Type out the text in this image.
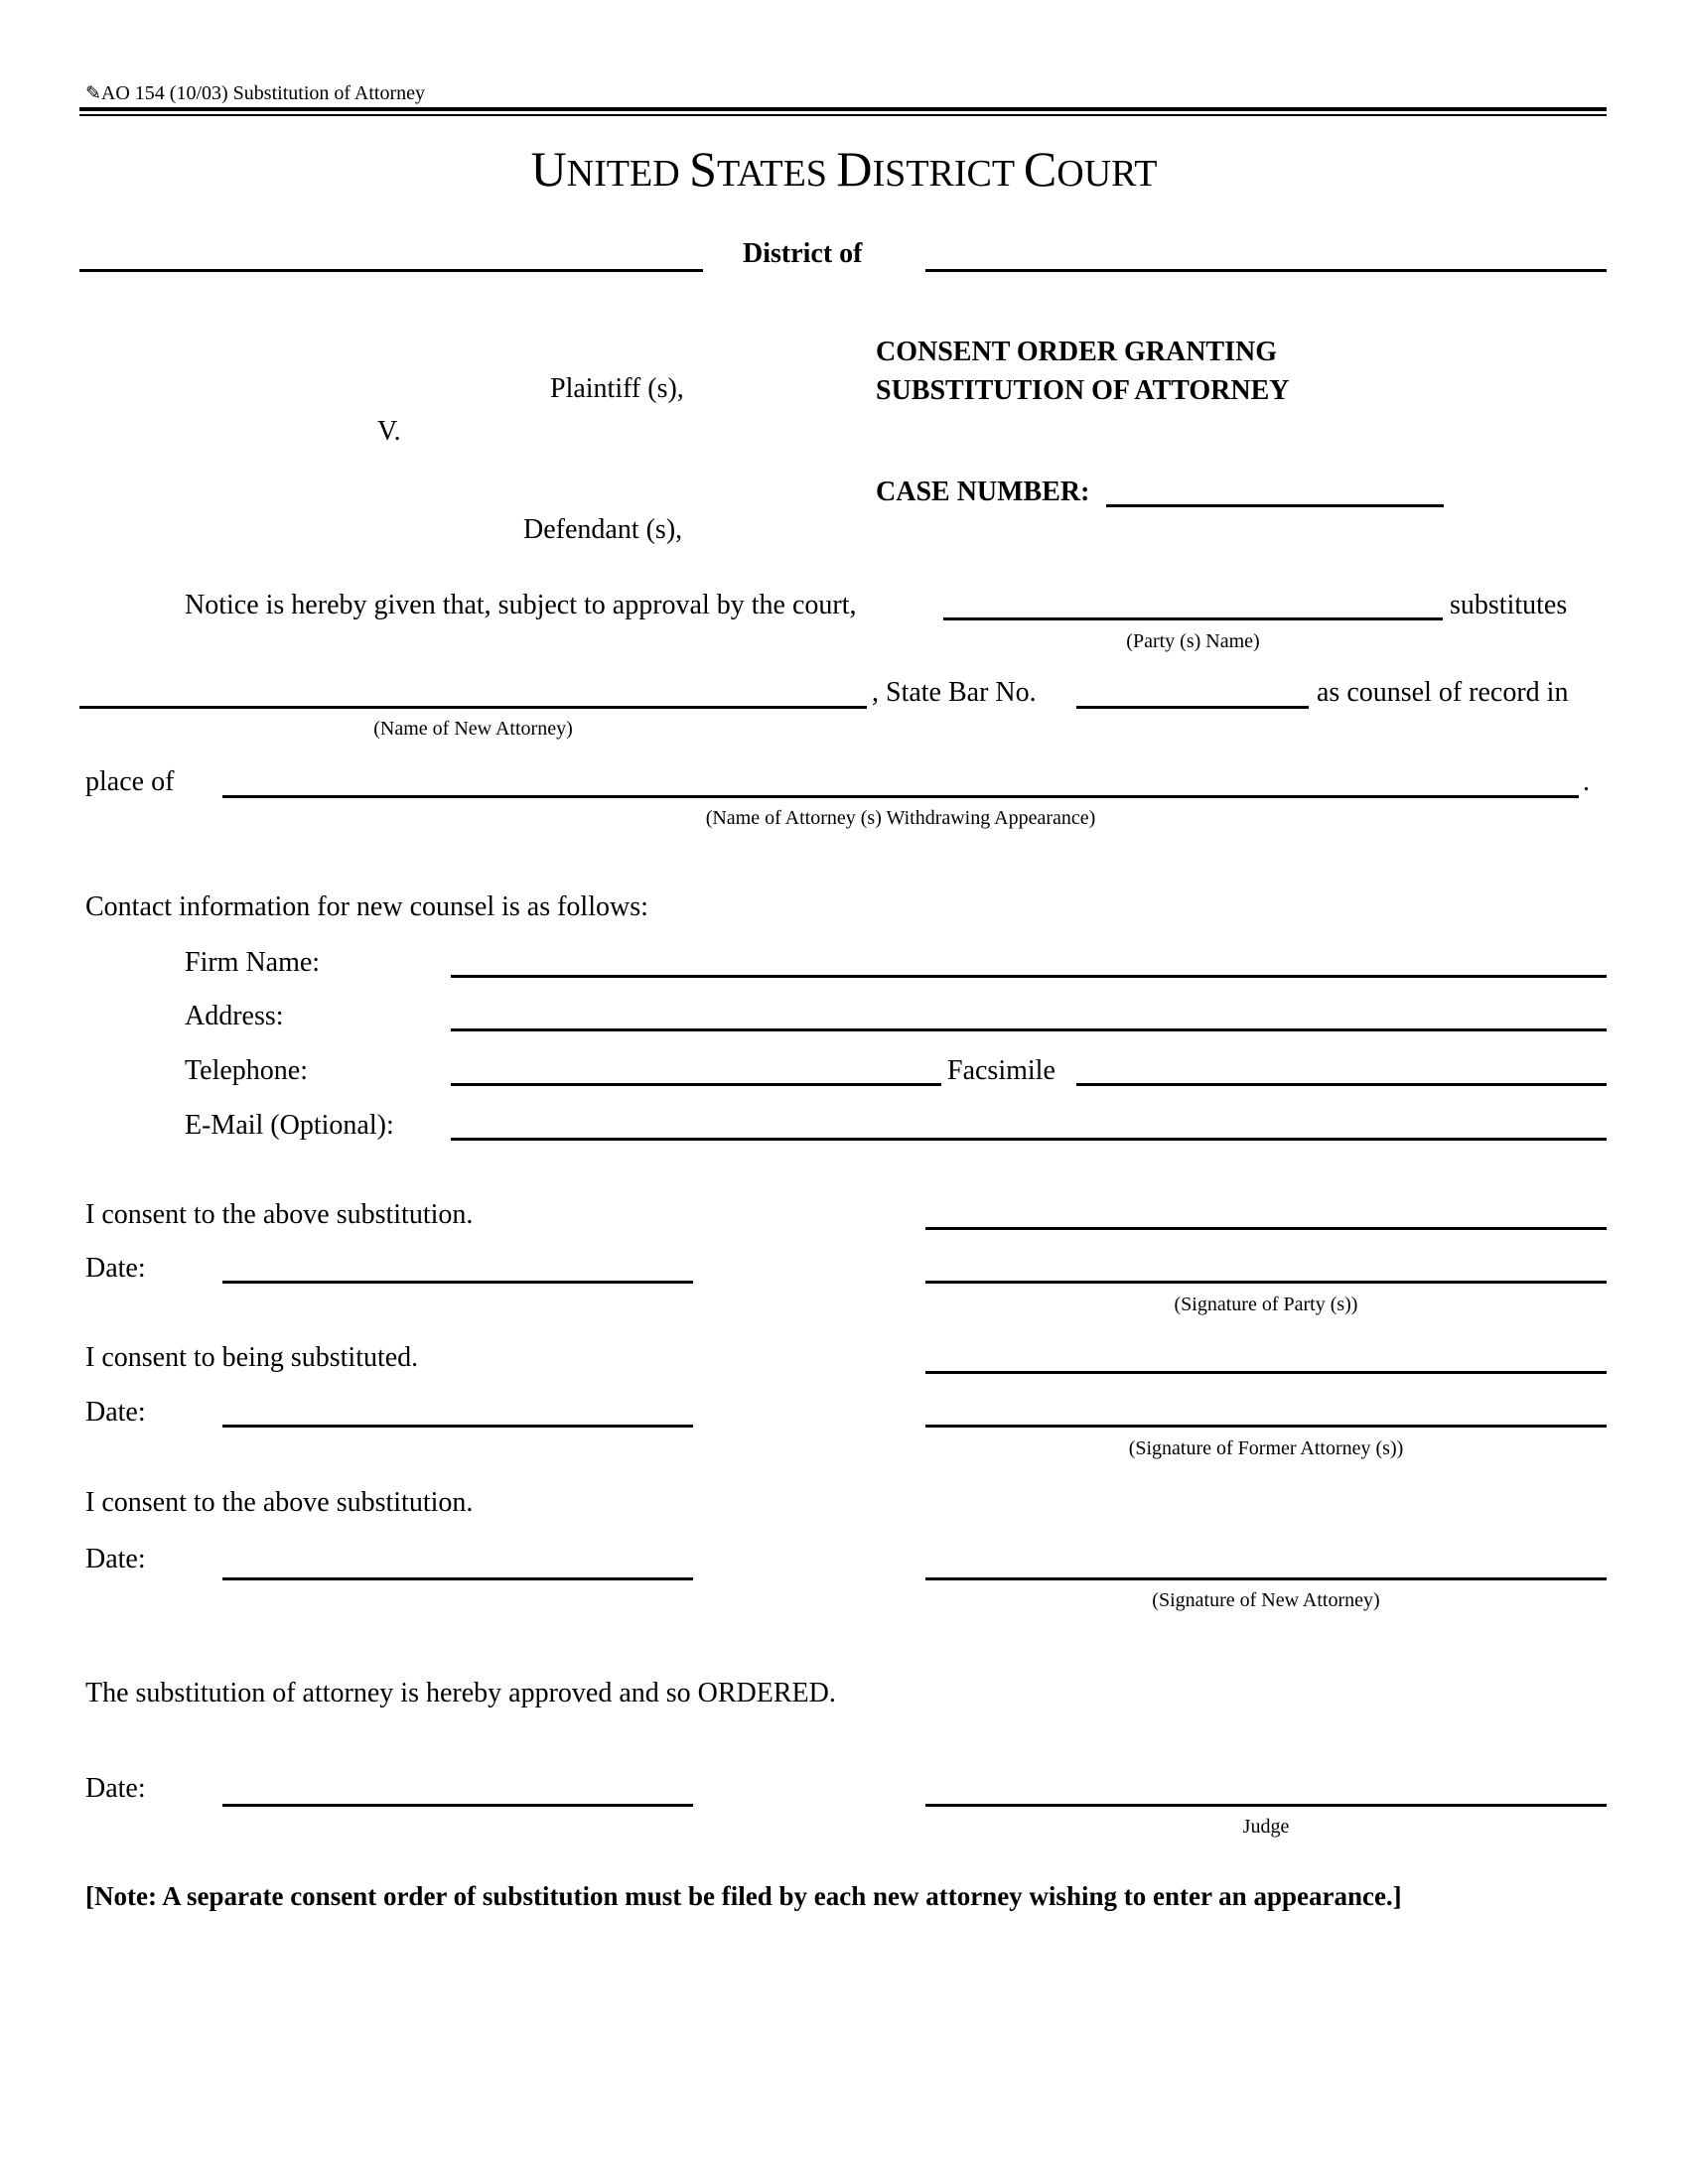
✎AO 154 (10/03) Substitution of Attorney
UNITED STATES DISTRICT COURT
District of
CONSENT ORDER GRANTING
SUBSTITUTION OF ATTORNEY
Plaintiff (s),
V.
CASE NUMBER:
Defendant (s),
Notice is hereby given that, subject to approval by the court,	substitutes
(Party (s) Name)
, State Bar No.	as counsel of record in
(Name of New Attorney)
place of	.
(Name of Attorney (s) Withdrawing Appearance)
Contact information for new counsel is as follows:
Firm Name:
Address:
Telephone:	Facsimile
E-Mail (Optional):
I consent to the above substitution.
Date:
(Signature of Party (s))
I consent to being substituted.
Date:
(Signature of Former Attorney (s))
I consent to the above substitution.
Date:
(Signature of New Attorney)
The substitution of attorney is hereby approved and so ORDERED.
Date:
Judge
[Note: A separate consent order of substitution must be filed by each new attorney wishing to enter an appearance.]
